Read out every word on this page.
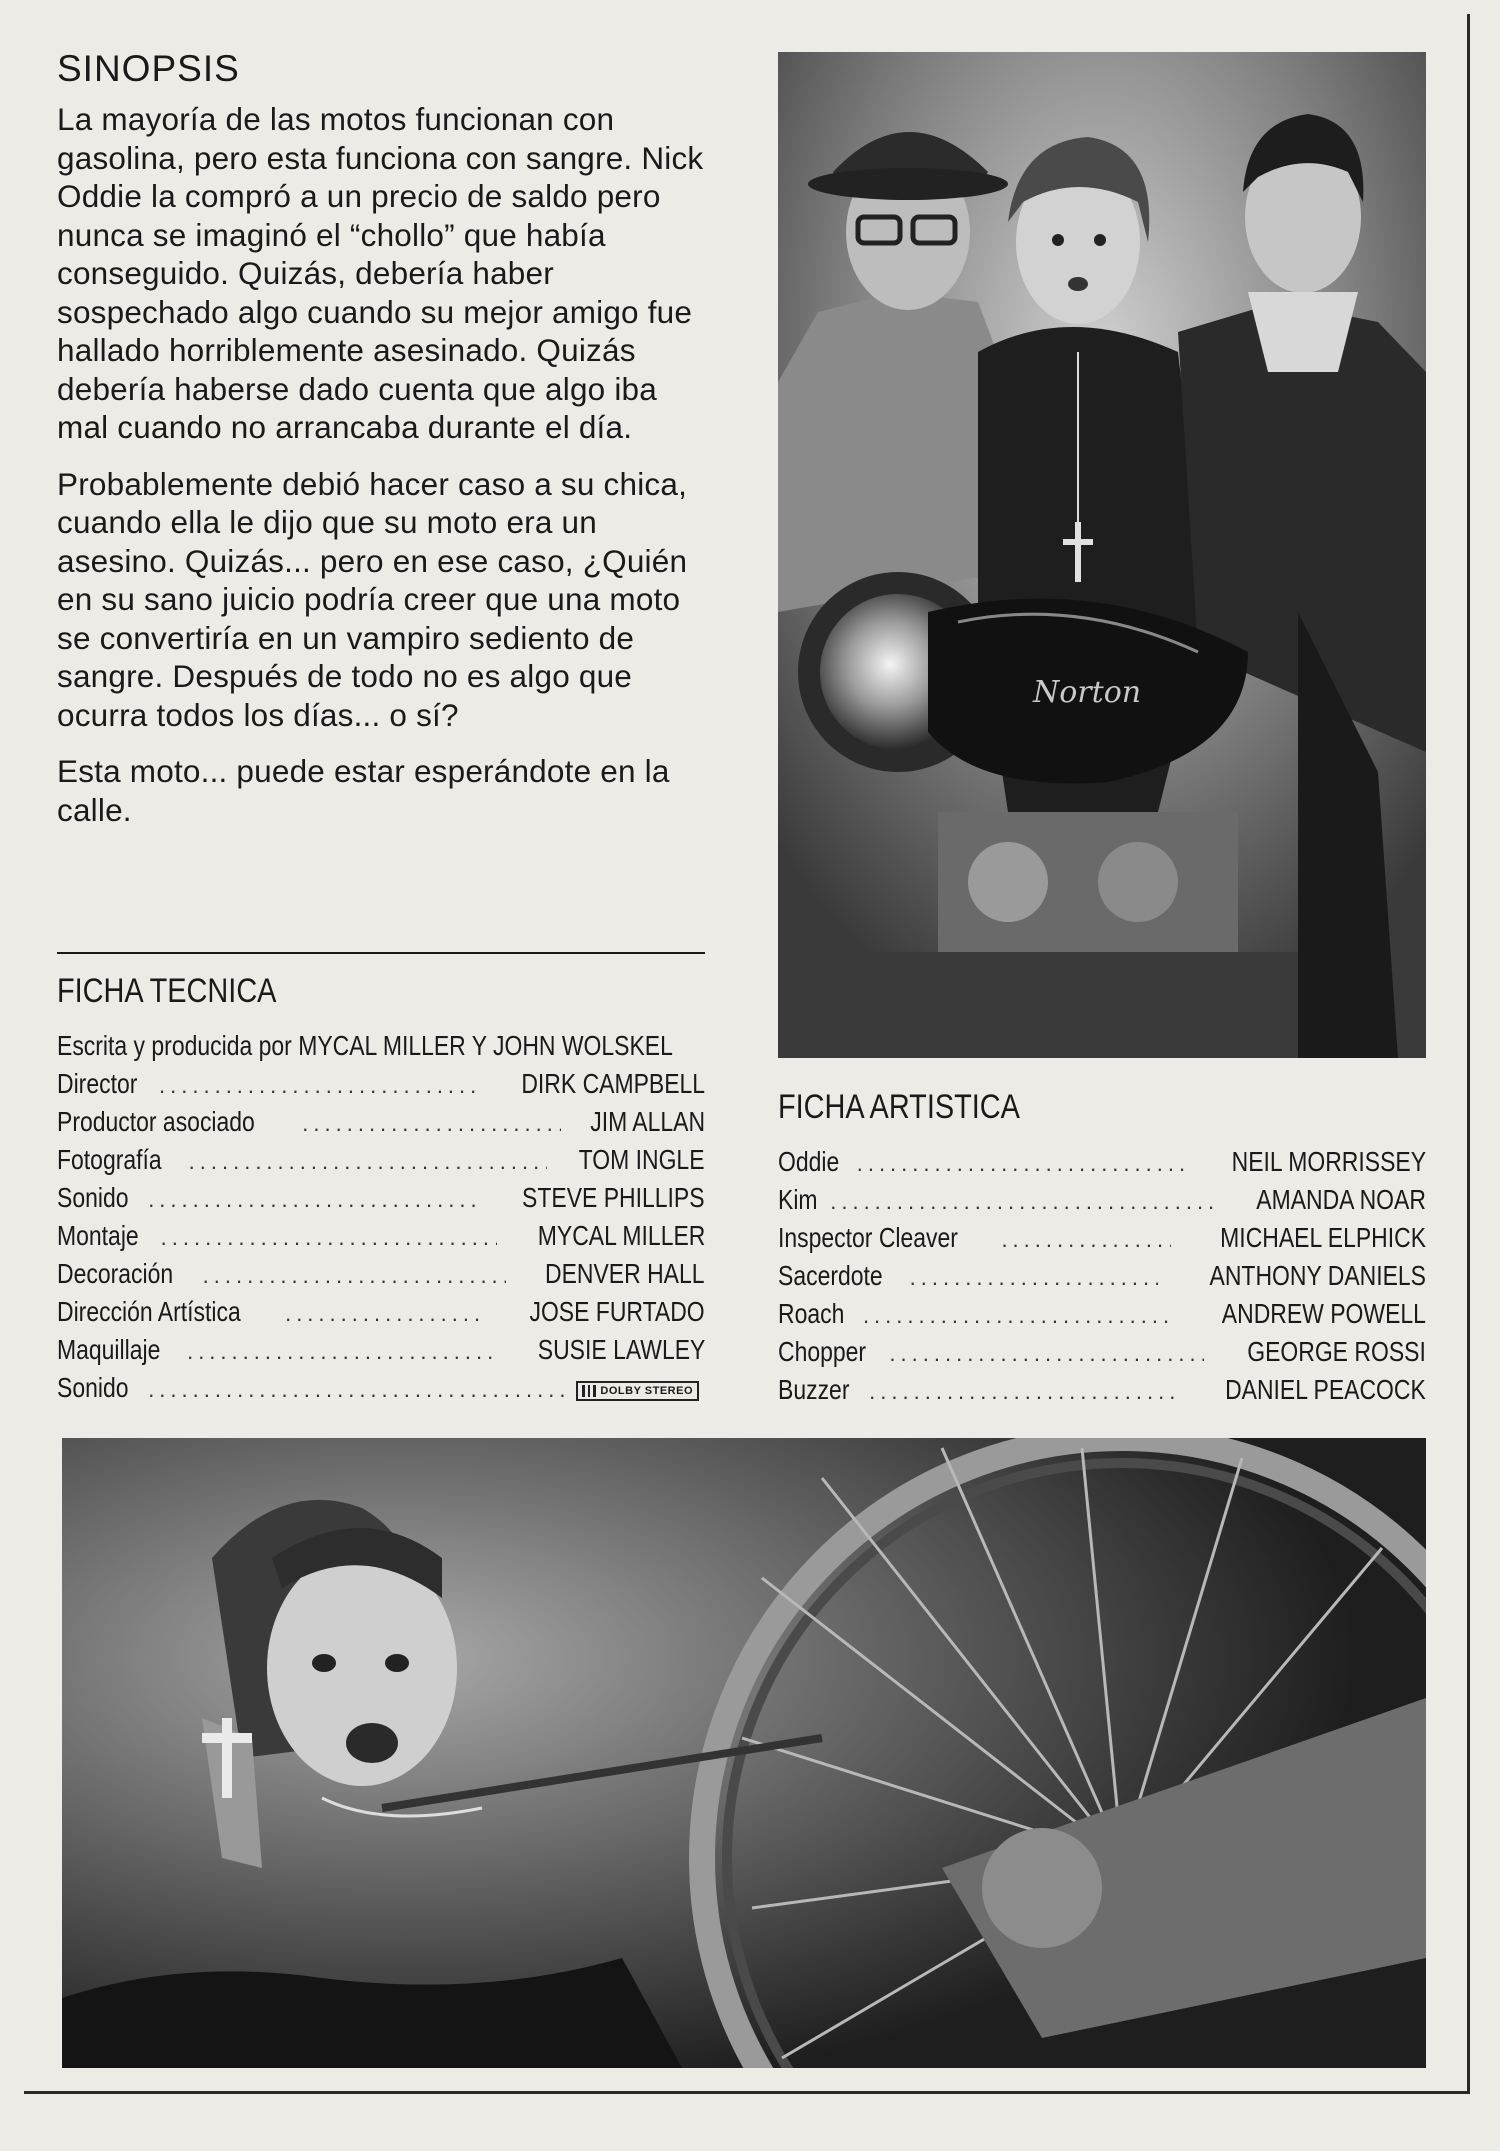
SINOPSIS

La mayoría de las motos funcionan con gasolina, pero esta funciona con sangre. Nick Oddie la compró a un precio de saldo pero nunca se imaginó el “chollo” que había conseguido. Quizás, debería haber sospechado algo cuando su mejor amigo fue hallado horriblemente asesinado. Quizás debería haberse dado cuenta que algo iba mal cuando no arrancaba durante el día.

Probablemente debió hacer caso a su chica, cuando ella le dijo que su moto era un asesino. Quizás... pero en ese caso, ¿Quién en su sano juicio podría creer que una moto se convertiría en un vampiro sediento de sangre. Después de todo no es algo que ocurra todos los días... o sí?

Esta moto... puede estar esperándote en la calle.

FICHA TECNICA
Escrita y producida por MYCAL MILLER Y JOHN WOLSKEL
Director .....	DIRK CAMPBELL
Productor asociado .....	JIM ALLAN
Fotografía .....	TOM INGLE
Sonido .....	STEVE PHILLIPS
Montaje .....	MYCAL MILLER
Decoración .....	DENVER HALL
Dirección Artística .....	JOSE FURTADO
Maquillaje .....	SUSIE LAWLEY
Sonido .....	DOLBY STEREO
FICHA ARTISTICA
Oddie .....	NEIL MORRISSEY
Kim .....	AMANDA NOAR
Inspector Cleaver .....	MICHAEL ELPHICK
Sacerdote .....	ANTHONY DANIELS
Roach .....	ANDREW POWELL
Chopper .....	GEORGE ROSSI
Buzzer .....	DANIEL PEACOCK
Norton
